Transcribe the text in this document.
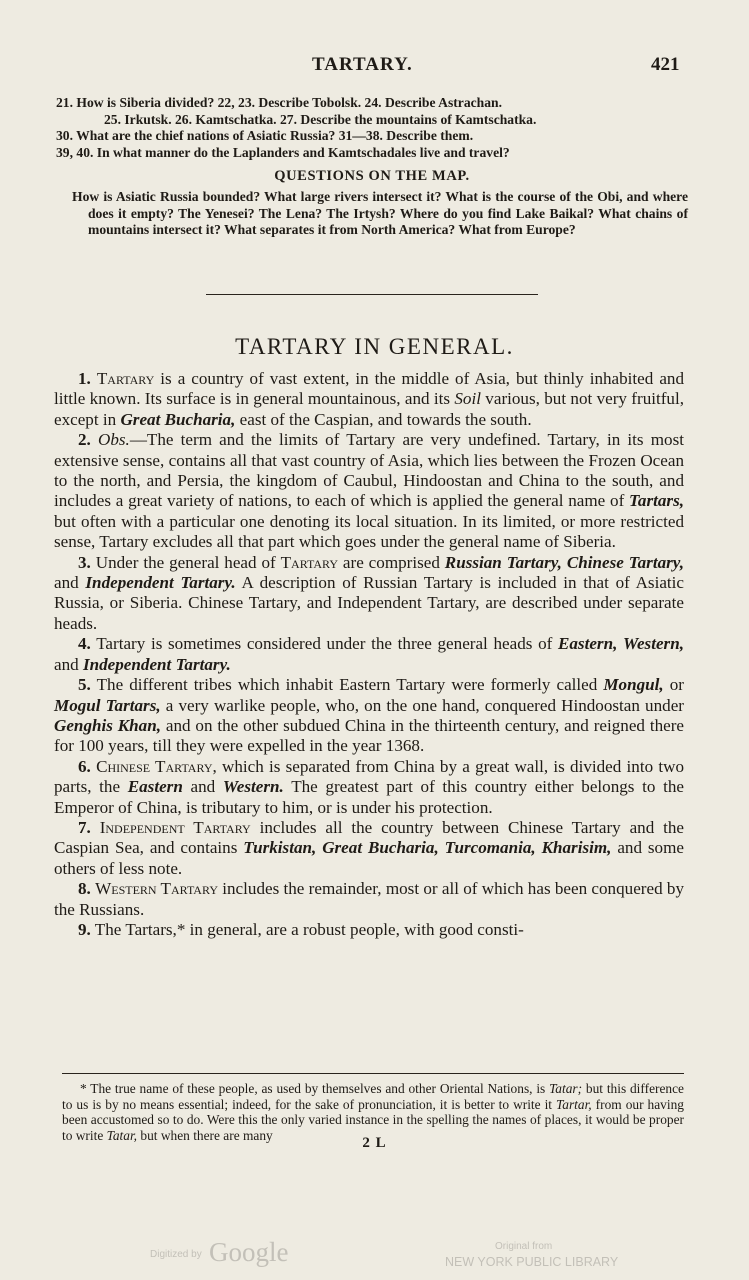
TARTARY.	421

21. How is Siberia divided? 22, 23. Describe Tobolsk. 24. Describe Astrachan.

25. Irkutsk. 26. Kamtschatka. 27. Describe the mountains of Kamtschatka.

30. What are the chief nations of Asiatic Russia? 31—38. Describe them.

39, 40. In what manner do the Laplanders and Kamtschadales live and travel?

QUESTIONS ON THE MAP.

How is Asiatic Russia bounded? What large rivers intersect it? What is the course of the Obi, and where does it empty? The Yenesei? The Lena? The Irtysh? Where do you find Lake Baikal? What chains of mountains intersect it? What separates it from North America? What from Europe?

TARTARY IN GENERAL.

1. Tartary is a country of vast extent, in the middle of Asia, but thinly inhabited and little known. Its surface is in general mountainous, and its Soil various, but not very fruitful, except in Great Bucharia, east of the Caspian, and towards the south.

2. Obs.—The term and the limits of Tartary are very undefined. Tartary, in its most extensive sense, contains all that vast country of Asia, which lies between the Frozen Ocean to the north, and Persia, the kingdom of Caubul, Hindoostan and China to the south, and includes a great variety of nations, to each of which is applied the general name of Tartars, but often with a particular one denoting its local situation. In its limited, or more restricted sense, Tartary excludes all that part which goes under the general name of Siberia.

3. Under the general head of Tartary are comprised Russian Tartary, Chinese Tartary, and Independent Tartary. A description of Russian Tartary is included in that of Asiatic Russia, or Siberia. Chinese Tartary, and Independent Tartary, are described under separate heads.

4. Tartary is sometimes considered under the three general heads of Eastern, Western, and Independent Tartary.

5. The different tribes which inhabit Eastern Tartary were formerly called Mongul, or Mogul Tartars, a very warlike people, who, on the one hand, conquered Hindoostan under Genghis Khan, and on the other subdued China in the thirteenth century, and reigned there for 100 years, till they were expelled in the year 1368.

6. Chinese Tartary, which is separated from China by a great wall, is divided into two parts, the Eastern and Western. The greatest part of this country either belongs to the Emperor of China, is tributary to him, or is under his protection.

7. Independent Tartary includes all the country between Chinese Tartary and the Caspian Sea, and contains Turkistan, Great Bucharia, Turcomania, Kharisim, and some others of less note.

8. Western Tartary includes the remainder, most or all of which has been conquered by the Russians.

9. The Tartars,* in general, are a robust people, with good consti-

* The true name of these people, as used by themselves and other Oriental Nations, is Tatar; but this difference to us is by no means essential; indeed, for the sake of pronunciation, it is better to write it Tartar, from our having been accustomed so to do. Were this the only varied instance in the spelling the names of places, it would be proper to write Tatar, but when there are many	2 L
Digitized by Google	Original from
NEW YORK PUBLIC LIBRARY
